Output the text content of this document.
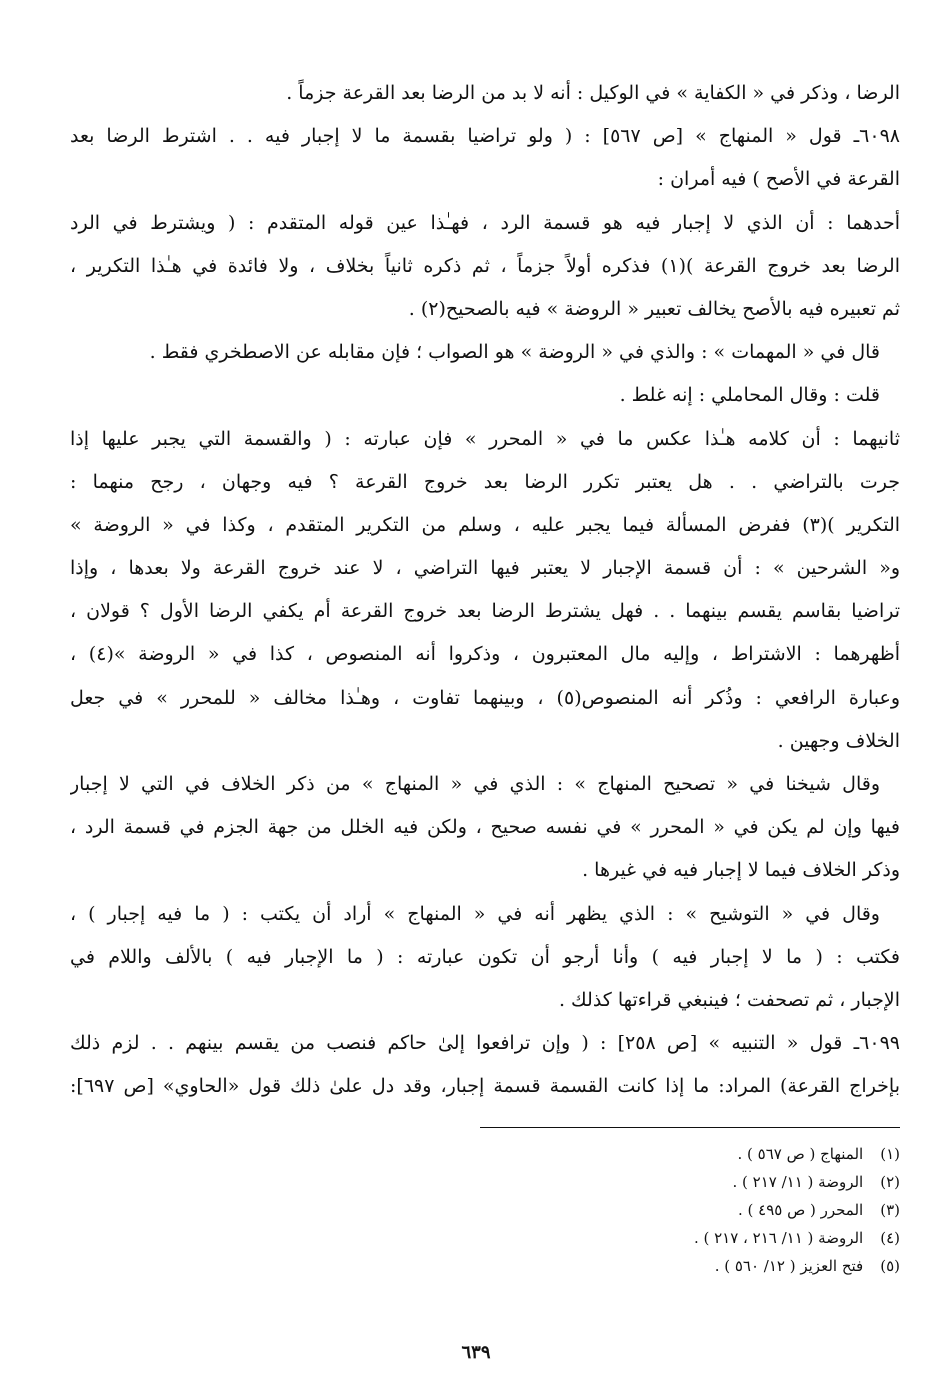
الرضا ، وذكر في « الكفاية » في الوكيل : أنه لا بد من الرضا بعد القرعة جزماً .
٦٠٩٨ـ قول « المنهاج » [ص ٥٦٧] : ( ولو تراضيا بقسمة ما لا إجبار فيه . . اشترط الرضا بعد
القرعة في الأصح ) فيه أمران :
أحدهما : أن الذي لا إجبار فيه هو قسمة الرد ، فهـٰذا عين قوله المتقدم : ( ويشترط في الرد
الرضا بعد خروج القرعة )(١) فذكره أولاً جزماً ، ثم ذكره ثانياً بخلاف ، ولا فائدة في هـٰذا التكرير ،
ثم تعبيره فيه بالأصح يخالف تعبير « الروضة » فيه بالصحيح(٢) .
قال في « المهمات » : والذي في « الروضة » هو الصواب ؛ فإن مقابله عن الاصطخري فقط .
قلت : وقال المحاملي : إنه غلط .
ثانيهما : أن كلامه هـٰذا عكس ما في « المحرر » فإن عبارته : ( والقسمة التي يجبر عليها إذا
جرت بالتراضي . . هل يعتبر تكرر الرضا بعد خروج القرعة ؟ فيه وجهان ، رجح منهما :
التكرير )(٣) ففرض المسألة فيما يجبر عليه ، وسلم من التكرير المتقدم ، وكذا في « الروضة »
و« الشرحين » : أن قسمة الإجبار لا يعتبر فيها التراضي ، لا عند خروج القرعة ولا بعدها ، وإذا
تراضيا بقاسم يقسم بينهما . . فهل يشترط الرضا بعد خروج القرعة أم يكفي الرضا الأول ؟ قولان ،
أظهرهما : الاشتراط ، وإليه مال المعتبرون ، وذكروا أنه المنصوص ، كذا في « الروضة »(٤) ،
وعبارة الرافعي : وذُكر أنه المنصوص(٥) ، وبينهما تفاوت ، وهـٰذا مخالف « للمحرر » في جعل
الخلاف وجهين .
وقال شيخنا في « تصحيح المنهاج » : الذي في « المنهاج » من ذكر الخلاف في التي لا إجبار
فيها وإن لم يكن في « المحرر » في نفسه صحيح ، ولكن فيه الخلل من جهة الجزم في قسمة الرد ،
وذكر الخلاف فيما لا إجبار فيه في غيرها .
وقال في « التوشيح » : الذي يظهر أنه في « المنهاج » أراد أن يكتب : ( ما فيه إجبار ) ،
فكتب : ( ما لا إجبار فيه ) وأنا أرجو أن تكون عبارته : ( ما الإجبار فيه ) بالألف واللام في
الإجبار ، ثم تصحفت ؛ فينبغي قراءتها كذلك .
٦٠٩٩ـ قول « التنبيه » [ص ٢٥٨] : ( وإن ترافعوا إلىٰ حاكم فنصب من يقسم بينهم . . لزم ذلك
بإخراج القرعة) المراد: ما إذا كانت القسمة قسمة إجبار، وقد دل علىٰ ذلك قول «الحاوي» [ص ٦٩٧]:
(١) المنهاج ( ص ٥٦٧ ) .
(٢) الروضة ( ١١/ ٢١٧ ) .
(٣) المحرر ( ص ٤٩٥ ) .
(٤) الروضة ( ١١/ ٢١٦ ، ٢١٧ ) .
(٥) فتح العزيز ( ١٢/ ٥٦٠ ) .
٦٣٩
